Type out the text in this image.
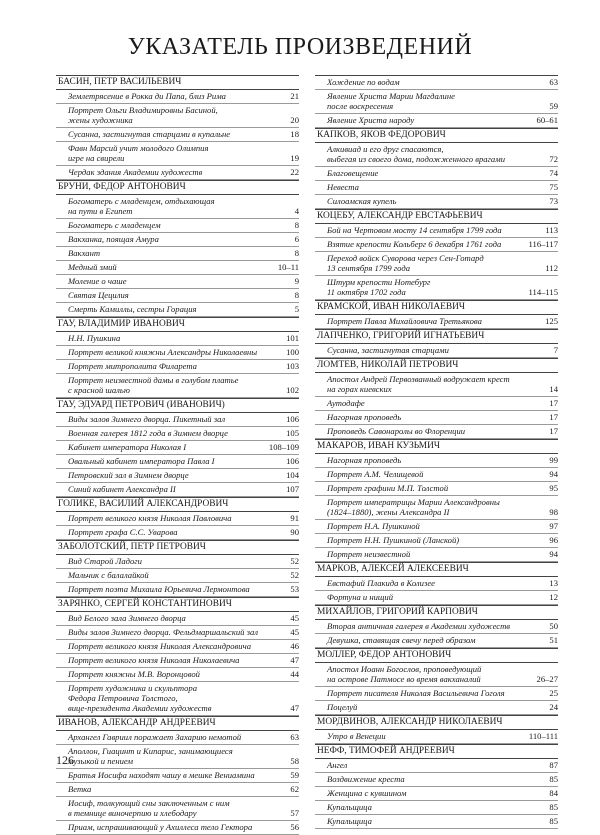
УКАЗАТЕЛЬ ПРОИЗВЕДЕНИЙ
БАСИН, ПЕТР ВАСИЛЬЕВИЧ
Землетрясение в Рокка ди Папа, близ Рима	21
Портрет Ольги Владимировны Басиной,
жены художника	20
Сусанна, застигнутая старцами в купальне	18
Фавн Марсий учит молодого Олимпия
игре на свирели	19
Чердак здания Академии художеств	22
БРУНИ, ФЕДОР АНТОНОВИЧ
Богоматерь с младенцем, отдыхающая
на пути в Египет	4
Богоматерь с младенцем	8
Вакханка, поящая Амура	6
Вакхант	8
Медный змий	10–11
Моление о чаше	9
Святая Цецилия	8
Смерть Камиллы, сестры Горация	5
ГАУ, ВЛАДИМИР ИВАНОВИЧ
Н.Н. Пушкина	101
Портрет великой княжны Александры Николаевны	100
Портрет митрополита Филарета	103
Портрет неизвестной дамы в голубом платье
с красной шалью	102
ГАУ, ЭДУАРД ПЕТРОВИЧ (ИВАНОВИЧ)
Виды залов Зимнего дворца. Пикетный зал	106
Военная галерея 1812 года в Зимнем дворце	105
Кабинет императора Николая I	108–109
Овальный кабинет императора Павла I	106
Петровский зал в Зимнем дворце	104
Синий кабинет Александра II	107
ГОЛИКЕ, ВАСИЛИЙ АЛЕКСАНДРОВИЧ
Портрет великого князя Николая Павловича	91
Портрет графа С.С. Уварова	90
ЗАБОЛОТСКИЙ, ПЕТР ПЕТРОВИЧ
Вид Старой Ладоги	52
Мальчик с балалайкой	52
Портрет поэта Михаила Юрьевича Лермонтова	53
ЗАРЯНКО, СЕРГЕЙ КОНСТАНТИНОВИЧ
Вид Белого зала Зимнего дворца	45
Виды залов Зимнего дворца. Фельдмаршальский зал	45
Портрет великого князя Николая Александровича	46
Портрет великого князя Николая Николаевича	47
Портрет княжны М.В. Воронцовой	44
Портрет художника и скульптора
Федора Петровича Толстого,
вице-президента Академии художеств	47
ИВАНОВ, АЛЕКСАНДР АНДРЕЕВИЧ
Архангел Гавриил поражает Захарию немотой	63
Аполлон, Гиацинт и Кипарис, занимающиеся
музыкой и пением	58
Братья Иосифа находят чашу в мешке Вениамина	59
Ветка	62
Иосиф, толкующий сны заключенным с ним
в темнице виночерпию и хлебодару	57
Приам, испрашивающий у Ахиллеса тело Гектора	56
Хождение по водам	63
Явление Христа Марии Магдалине
после воскресения	59
Явление Христа народу	60–61
КАПКОВ, ЯКОВ ФЕДОРОВИЧ
Алкивиад и его друг спасаются,
выбегая из своего дома, подожженного врагами	72
Благовещение	74
Невеста	75
Силоамская купель	73
КОЦЕБУ, АЛЕКСАНДР ЕВСТАФЬЕВИЧ
Бой на Чертовом мосту 14 сентября 1799 года	113
Взятие крепости Кольберг 6 декабря 1761 года	116–117
Переход войск Суворова через Сен-Готард
13 сентября 1799 года	112
Штурм крепости Нотебург
11 октября 1702 года	114–115
КРАМСКОЙ, ИВАН НИКОЛАЕВИЧ
Портрет Павла Михайловича Третьякова	125
ЛАПЧЕНКО, ГРИГОРИЙ ИГНАТЬЕВИЧ
Сусанна, застигнутая старцами	7
ЛОМТЕВ, НИКОЛАЙ ПЕТРОВИЧ
Апостол Андрей Первозванный водружает крест
на горах киевских	14
Аутодафе	17
Нагорная проповедь	17
Проповедь Савонаролы во Флоренции	17
МАКАРОВ, ИВАН КУЗЬМИЧ
Нагорная проповедь	99
Портрет А.М. Челищевой	94
Портрет графини М.П. Толстой	95
Портрет императрицы Марии Александровны
(1824–1880), жены Александра II	98
Портрет Н.А. Пушкиной	97
Портрет Н.Н. Пушкиной (Ланской)	96
Портрет неизвестной	94
МАРКОВ, АЛЕКСЕЙ АЛЕКСЕЕВИЧ
Евстафий Плакида в Колизее	13
Фортуна и нищий	12
МИХАЙЛОВ, ГРИГОРИЙ КАРПОВИЧ
Вторая античная галерея в Академии художеств	50
Девушка, ставящая свечу перед образом	51
МОЛЛЕР, ФЕДОР АНТОНОВИЧ
Апостол Иоанн Богослов, проповедующий
на острове Патмосе во время вакханалий	26–27
Портрет писателя Николая Васильевича Гоголя	25
Поцелуй	24
МОРДВИНОВ, АЛЕКСАНДР НИКОЛАЕВИЧ
Утро в Венеции	110–111
НЕФФ, ТИМОФЕЙ АНДРЕЕВИЧ
Ангел	87
Воздвижение креста	85
Женщина с кувшином	84
Купальщица	85
Купальщица	85
126
